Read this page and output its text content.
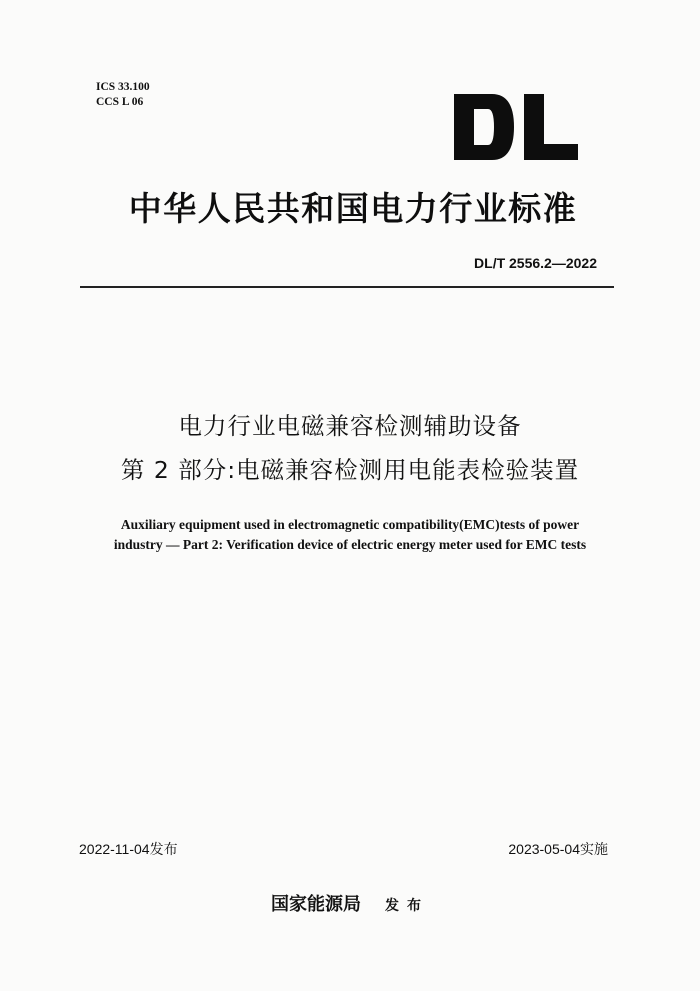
ICS 33.100
CCS L 06
中华人民共和国电力行业标准
DL/T 2556.2—2022
电力行业电磁兼容检测辅助设备
第 2 部分:电磁兼容检测用电能表检验装置
Auxiliary equipment used in electromagnetic compatibility(EMC)tests of power
industry — Part 2: Verification device of electric energy meter used for EMC tests
2022-11-04发布	2023-05-04实施
国家能源局 发布
